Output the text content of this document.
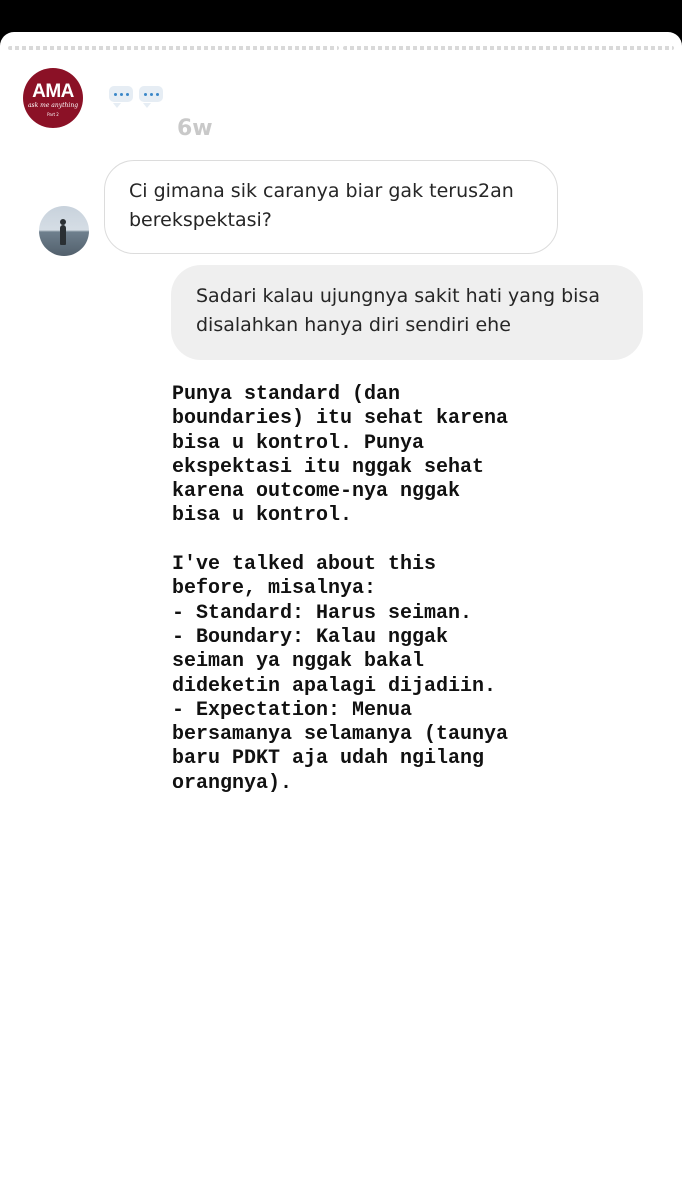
AMA
ask me anything
Part 2
6w
Ci gimana sik caranya biar gak terus2an berekspektasi?
Sadari kalau ujungnya sakit hati yang bisa disalahkan hanya diri sendiri ehe
Punya standard (dan
boundaries) itu sehat karena
bisa u kontrol. Punya
ekspektasi itu nggak sehat
karena outcome-nya nggak
bisa u kontrol.

I've talked about this
before, misalnya:
- Standard: Harus seiman.
- Boundary: Kalau nggak
seiman ya nggak bakal
dideketin apalagi dijadiin.
- Expectation: Menua
bersamanya selamanya (taunya
baru PDKT aja udah ngilang
orangnya).
